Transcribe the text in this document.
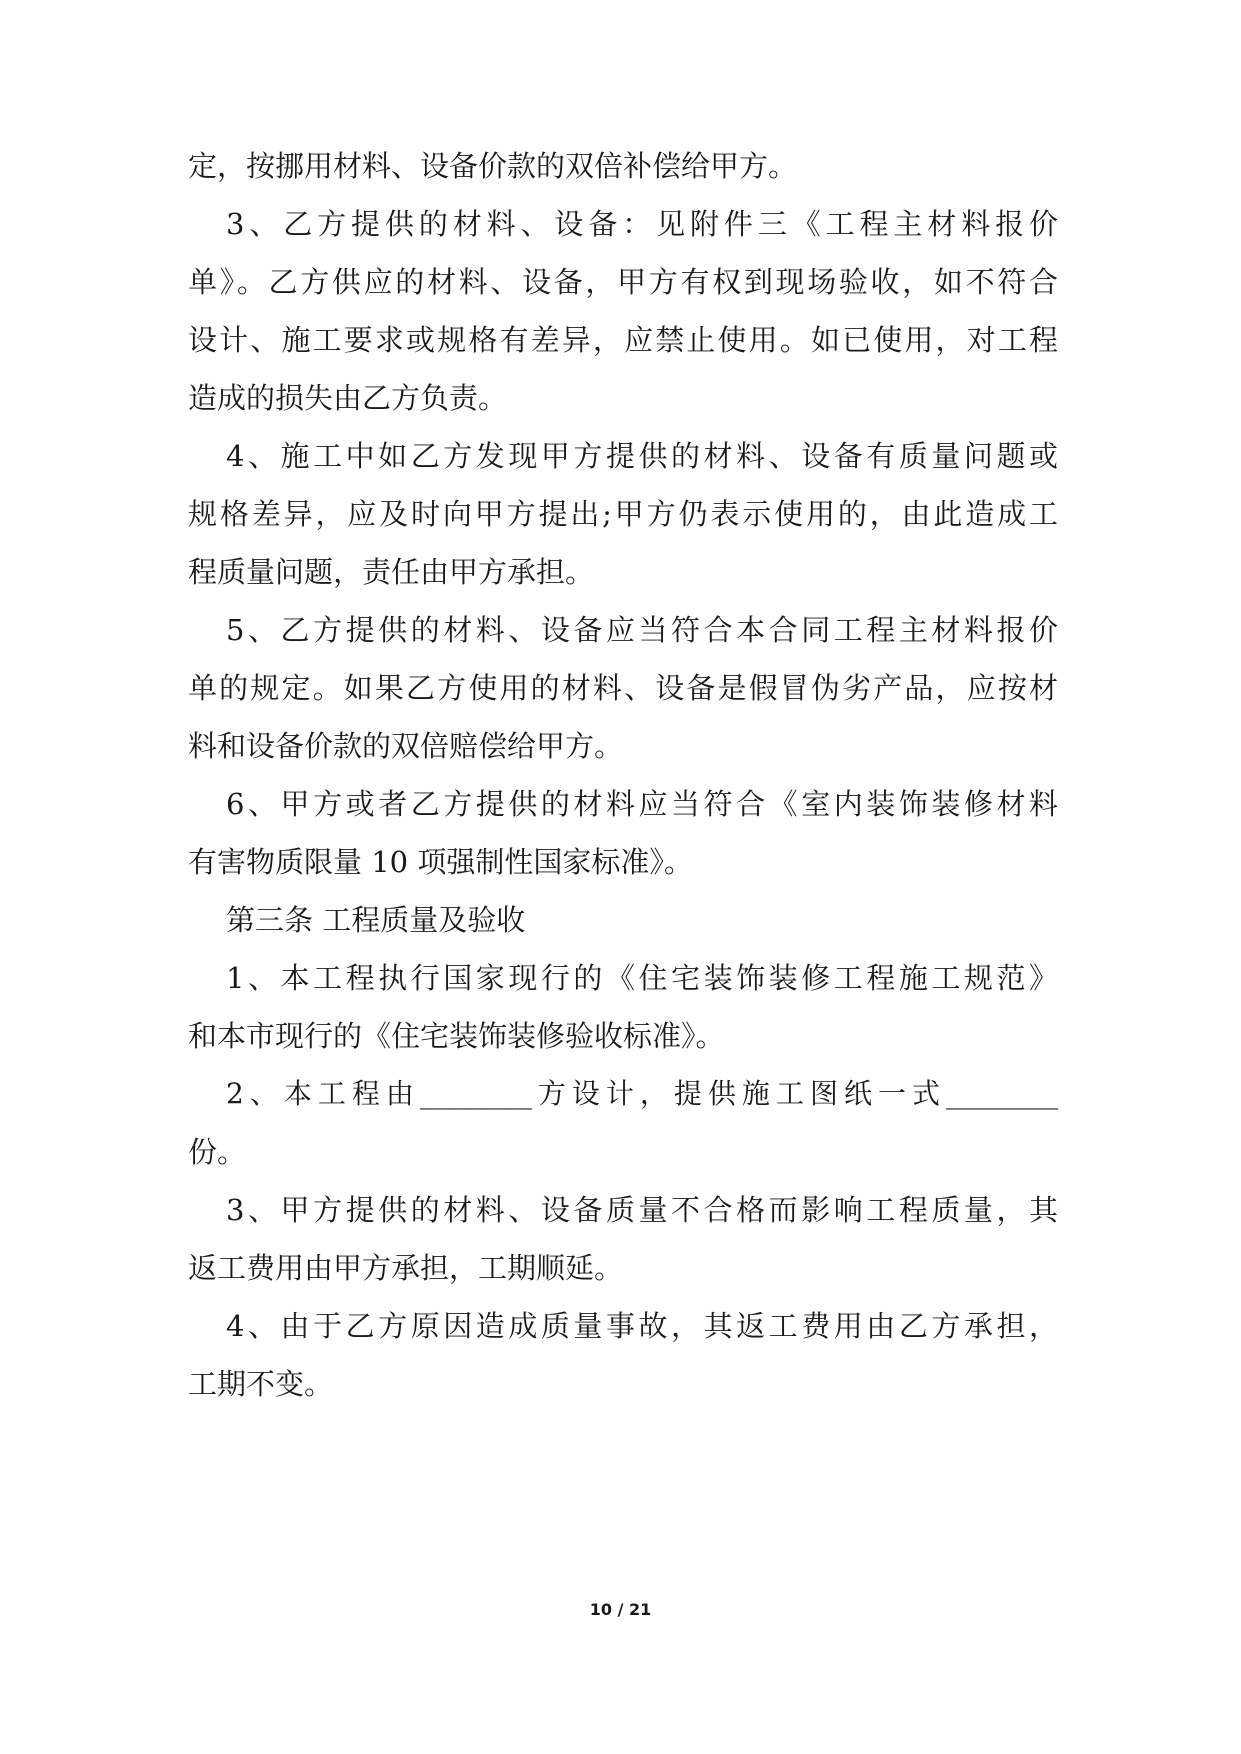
定，按挪用材料、设备价款的双倍补偿给甲方。
3、乙方提供的材料、设备：见附件三《工程主材料报价
单》。乙方供应的材料、设备，甲方有权到现场验收，如不符合
设计、施工要求或规格有差异，应禁止使用。如已使用，对工程
造成的损失由乙方负责。
4、施工中如乙方发现甲方提供的材料、设备有质量问题或
规格差异，应及时向甲方提出;甲方仍表示使用的，由此造成工
程质量问题，责任由甲方承担。
5、乙方提供的材料、设备应当符合本合同工程主材料报价
单的规定。如果乙方使用的材料、设备是假冒伪劣产品，应按材
料和设备价款的双倍赔偿给甲方。
6、甲方或者乙方提供的材料应当符合《室内装饰装修材料
有害物质限量 10 项强制性国家标准》。
第三条 工程质量及验收
1、本工程执行国家现行的《住宅装饰装修工程施工规范》
和本市现行的《住宅装饰装修验收标准》。
2、本工程由________方设计，提供施工图纸一式________
份。
3、甲方提供的材料、设备质量不合格而影响工程质量，其
返工费用由甲方承担，工期顺延。
4、由于乙方原因造成质量事故，其返工费用由乙方承担，
工期不变。
10 / 21
